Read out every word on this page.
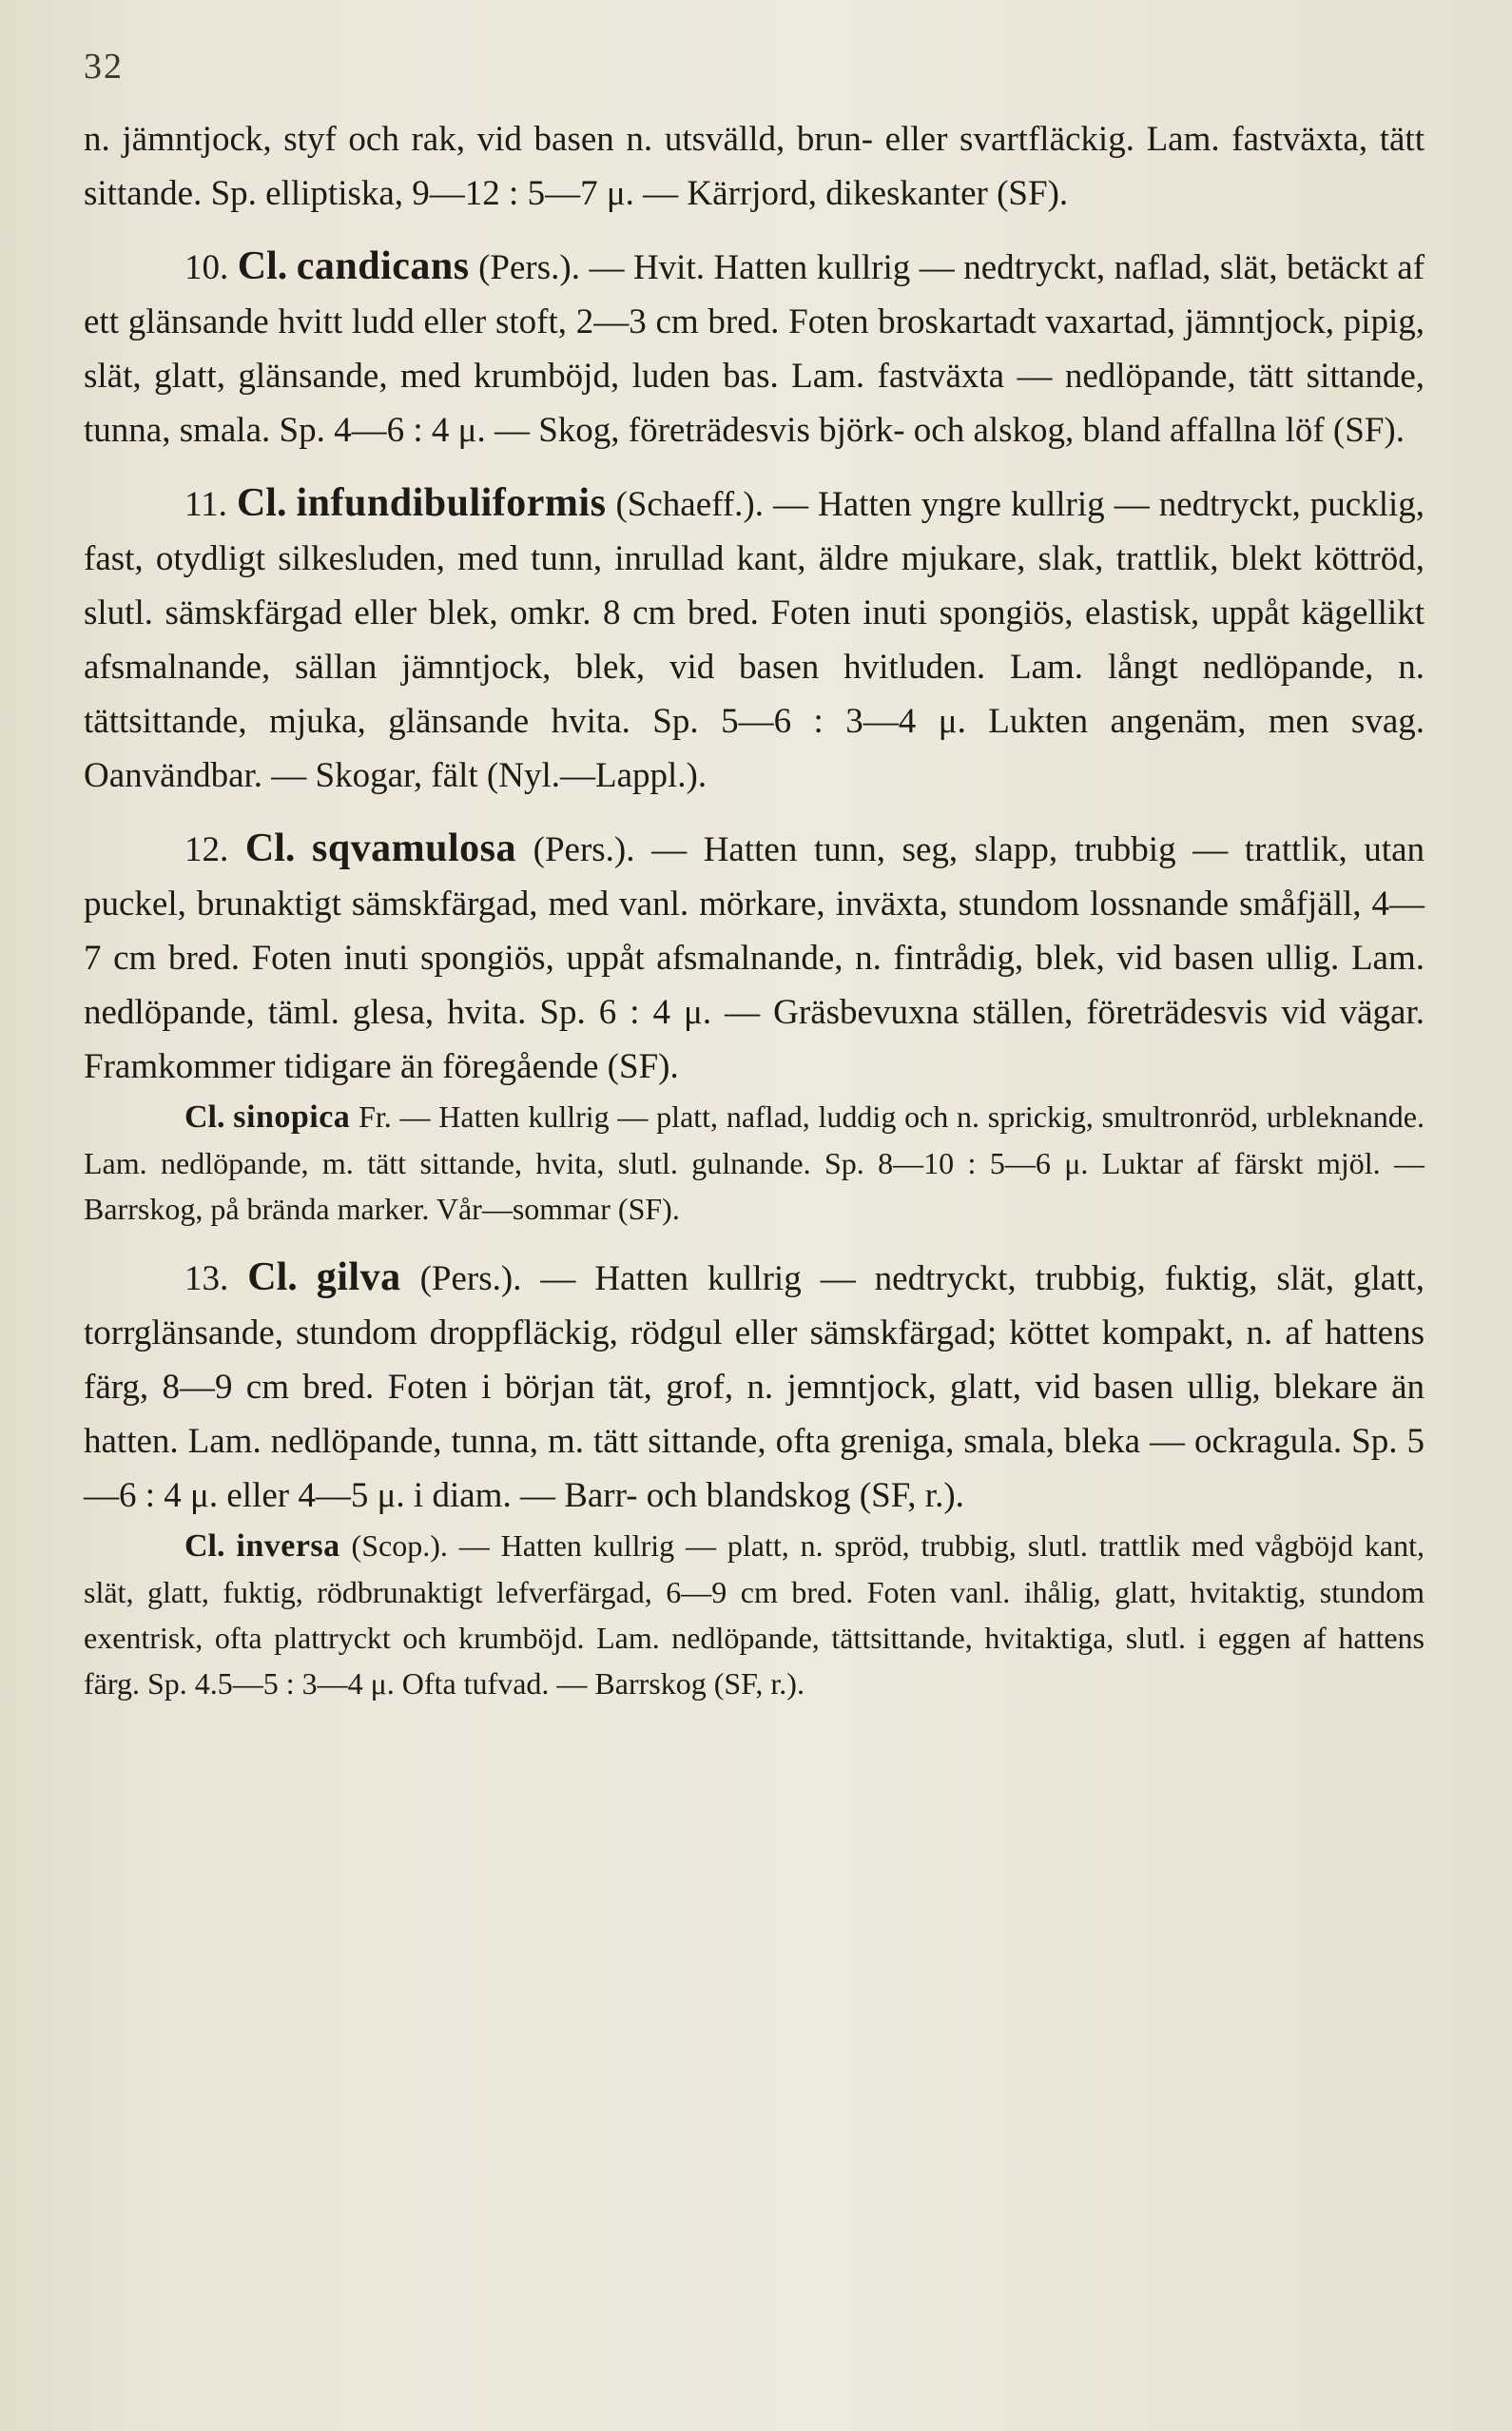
32

n. jämntjock, styf och rak, vid basen n. utsvälld, brun- eller svartfläckig. Lam. fastväxta, tätt sittande. Sp. elliptiska, 9—12 : 5—7 μ. — Kärrjord, dikeskanter (SF).

10. Cl. candicans (Pers.). — Hvit. Hatten kullrig — nedtryckt, naflad, slät, betäckt af ett glänsande hvitt ludd eller stoft, 2—3 cm bred. Foten broskartadt vaxartad, jämntjock, pipig, slät, glatt, glänsande, med krumböjd, luden bas. Lam. fastväxta — nedlöpande, tätt sittande, tunna, smala. Sp. 4—6 : 4 μ. — Skog, företrädesvis björk- och alskog, bland affallna löf (SF).

11. Cl. infundibuliformis (Schaeff.). — Hatten yngre kullrig — nedtryckt, pucklig, fast, otydligt silkesluden, med tunn, inrullad kant, äldre mjukare, slak, trattlik, blekt köttröd, slutl. sämskfärgad eller blek, omkr. 8 cm bred. Foten inuti spongiös, elastisk, uppåt kägellikt afsmalnande, sällan jämntjock, blek, vid basen hvitluden. Lam. långt nedlöpande, n. tättsittande, mjuka, glänsande hvita. Sp. 5—6 : 3—4 μ. Lukten angenäm, men svag. Oanvändbar. — Skogar, fält (Nyl.—Lappl.).

12. Cl. sqvamulosa (Pers.). — Hatten tunn, seg, slapp, trubbig — trattlik, utan puckel, brunaktigt sämskfärgad, med vanl. mörkare, inväxta, stundom lossnande småfjäll, 4—7 cm bred. Foten inuti spongiös, uppåt afsmalnande, n. fintrådig, blek, vid basen ullig. Lam. nedlöpande, täml. glesa, hvita. Sp. 6 : 4 μ. — Gräsbevuxna ställen, företrädesvis vid vägar. Framkommer tidigare än föregående (SF).

Cl. sinopica Fr. — Hatten kullrig — platt, naflad, luddig och n. sprickig, smultronröd, urbleknande. Lam. nedlöpande, m. tätt sittande, hvita, slutl. gulnande. Sp. 8—10 : 5—6 μ. Luktar af färskt mjöl. — Barrskog, på brända marker. Vår—sommar (SF).

13. Cl. gilva (Pers.). — Hatten kullrig — nedtryckt, trubbig, fuktig, slät, glatt, torrglänsande, stundom droppfläckig, rödgul eller sämskfärgad; köttet kompakt, n. af hattens färg, 8—9 cm bred. Foten i början tät, grof, n. jemntjock, glatt, vid basen ullig, blekare än hatten. Lam. nedlöpande, tunna, m. tätt sittande, ofta greniga, smala, bleka — ockragula. Sp. 5—6 : 4 μ. eller 4—5 μ. i diam. — Barr- och blandskog (SF, r.).

Cl. inversa (Scop.). — Hatten kullrig — platt, n. spröd, trubbig, slutl. trattlik med vågböjd kant, slät, glatt, fuktig, rödbrunaktigt lefverfärgad, 6—9 cm bred. Foten vanl. ihålig, glatt, hvitaktig, stundom exentrisk, ofta plattryckt och krumböjd. Lam. nedlöpande, tättsittande, hvitaktiga, slutl. i eggen af hattens färg. Sp. 4.5—5 : 3—4 μ. Ofta tufvad. — Barrskog (SF, r.).
